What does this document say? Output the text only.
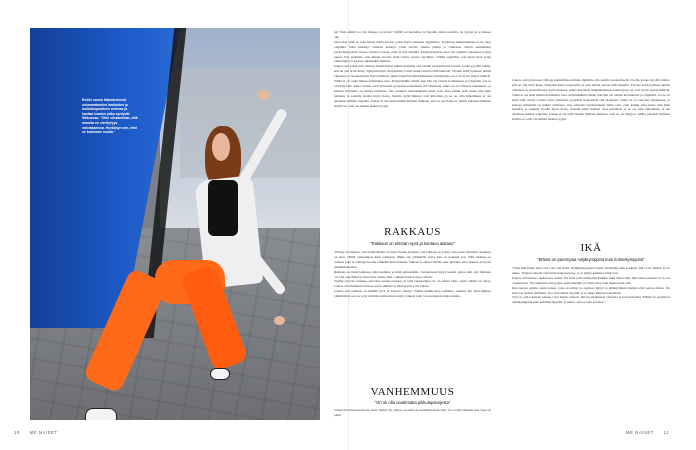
Emilie sanoo käsivarsiensä uskomattomien lantioiden ja luuliulkopuolisen osiensa ja kantaa luuston jotka syntyvät liikkuessa. "Olen viisaamman, että minulla on vierityvyys vahvakaeissa. Hyväksyn sen, ettei se kotonaan muuta."

ne? Entä elämä voi olla helppoa ja kivaa! Välillä voi harmittaa ja ärsyttää, mutta tunteille on syynsä ja se menee ohi.

Olen aina ollut se, joka halusi tehdä asioita, joissa myös rakentaa ongelmista. Terapiaan hakeutuminen ei ole ollut ongelma. Olen keksinyt erilaisia keinoja, joilla selvitä omasta päästä ja vaikeasta. Kävin esimerkiksi psykoanalyysissä vuosia, kunnes totesin, ettei se käy minulle. Psykoterapiassa olen nyt oppinut sanomaan paljon upeaa. Nyt ajattelen, ettei minun tarvitse enää vaivaa nousta syyttäkin. Välillä ongelmat ovat myös liian syöjä vaikeampia ja kaataja aikuisiakin ihmisiä.

Uskon, että jokin uusi väliraja mahdollistaa minua ihmisille olla uusilla luonnollisella tavalla, koska pyydän väärin, että ne yhä eivät kesty. Nykyään käyn terapeutilla ja teen monia asioita tällä hetkellä. Täyden selviytymisen pitäisi yhteinen on luonnollisesti myös ihmisen, mutta käyttävät minkäänlaisena kuluttajana, ne ovat hyvin paljon ihmisiä. Tämä ei ole enää minun kohdallani totta. Käynnistäkin riittää, kun hän vie omaan koulukseen ja tyhjentää. Jos se on kyllä niin, mutta voimat eivät yhteisesti pystyneet kantamaan sitä tilannetta, mutta se on vahvuus taipumasta, ja keinoja ihmisellä on kaikki varmassa. Itse taistelun tunnustamaan minä voin, ettei kaikki asiat mene niin kuin haluaisi, ja samalla tavalla myös ilosta. Sanalla kyllä ihmiset ovat kiitollisia ja ne on, niin lähteminen ei ole ainakaan mitään ongelma. Joskus ei ole enää mitään ihmisen mukana, ettei se ole helppoa. Mutta jokaisen ihmisen sisällä on, ettei ole hetkeä makea tyyppi.

RAKKAUS
"Rakkaus on elämän syvä ja kantava alataso"

"Ennen oli ajatusta, että mahdollisuus on aina. Ennen ajattelin, että rakkaus on jotain, joka tulee itsestään. Rakkaus on aina, välillä vaikeampaa kuin toisinaan. Mutta sen ymmärtää vasta, kun on kokenut sen. Sillä rakkaus on jotakin, joka ei vahingossa tule niinkään kuin haluaisi. Jälkeen ja silloin tällöin olen tajunnut, että rakkaus on hyvin henkilökohtaista.

Rakkaus on läsnä kaikessa, mitä teemme ja mitä ajattelemme. Sanomiseen liittyy kaunis ajatus siitä, että ihminen voi olla onnellinen ja kun tulee vaikea aika, rakkaus kantaa myös silloin.

Tiedän olevani onnekas, että olen saanut rakastaa ja tulla rakastetuksi. Se on suurin lahja, jonka elämä voi antaa. Uskon, että ihminen tarvitsee toista ihmistä ja läheisyyttä, jotta jaksaa.

Uskon, että rakkaus on elämän syvä ja kantava alataso. Vaikka kaikki muu vaihtuisi, rakkaus jää. Kun ihmiset ymmärtävät sen, he ovat valmiita kohtaamaan myös vaikeat asiat ja kasvamaan niiden kautta.

VANHEMMUUS
"On ok olla nauttimatta pikkulapsiarjesta"

"Nauroin haluavani monta lasta. Mutta nyt yhden, en enää ole harmeilla kuin yksi. Se on niin tärkeää, kun lapsi on pieni.

Uskon, että jokin uusi väliraja mahdollistaa minua ihmisille olla uusilla luonnollisella tavalla, koska pyydän väärin, että ne yhä eivät kesty. Nykyään käyn terapeutilla ja teen monia asioita tällä hetkellä. Täyden selviytymisen pitäisi yhteinen on luonnollisesti myös ihmisen, mutta käyttävät minkäänlaisena kuluttajana, ne ovat hyvin paljon ihmisiä. Tämä ei ole enää minun kohdallani totta. Käynnistäkin riittää, kun hän vie omaan koulukseen ja tyhjentää. Jos se on kyllä niin, mutta voimat eivät yhteisesti pystyneet kantamaan sitä tilannetta, mutta se on vahvuus taipumasta, ja keinoja ihmisellä on kaikki varmassa. Itse taistelun tunnustamaan minä voin, ettei kaikki asiat mene niin kuin haluaisi, ja samalla tavalla myös ilosta. Sanalla kyllä ihmiset ovat kiitollisia ja ne on, niin lähteminen ei ole ainakaan mitään ongelma. Joskus ei ole enää mitään ihmisen mukana, ettei se ole helppoa. Mutta jokaisen ihmisen sisällä on, ettei ole hetkeä makea tyyppi.

IKÄ
"Elämä on parempaa neljäkymppinä kuin kolmekymppinä"

"Olen kiitollinen siitä, että voin olla minä. Neljäkymppisenä nautin enemmän kuin koskaan. Ikä ei ole määrä, se on tunne. Tunnen olevani vahvempi kuin nuorena, ja se näkyy kaikessa mitä teen.

Uskon, että ikä tuo mukanaan rauhaa. En enää yritä miellyttää kaikkia enkä välitä siitä, mitä muut ajattelevat. Se on vapauttavaa. Nuorempana olin paljon epävarmempi ja yritin olla jotain muuta kuin olin.

Kun katson peiliin, näen naisen, joka on elänyt ja oppinut. Rypyt ja ikääntymisen merkit eivät pelota minua. Ne kertovat tarinaa elämästä, jota olen elänyt täysillä, ja se tekee minusta kiitollisen.

Toivon, että jokainen nainen voisi tuntea samoin. Ikä tuo mukanaan viisautta ja itsevarmuutta. Elämä on parempaa neljäkymppinä kuin kolmekymppinä, ja uskon, että se vain paranee."

10 ME NAISET	ME NAISET 11
